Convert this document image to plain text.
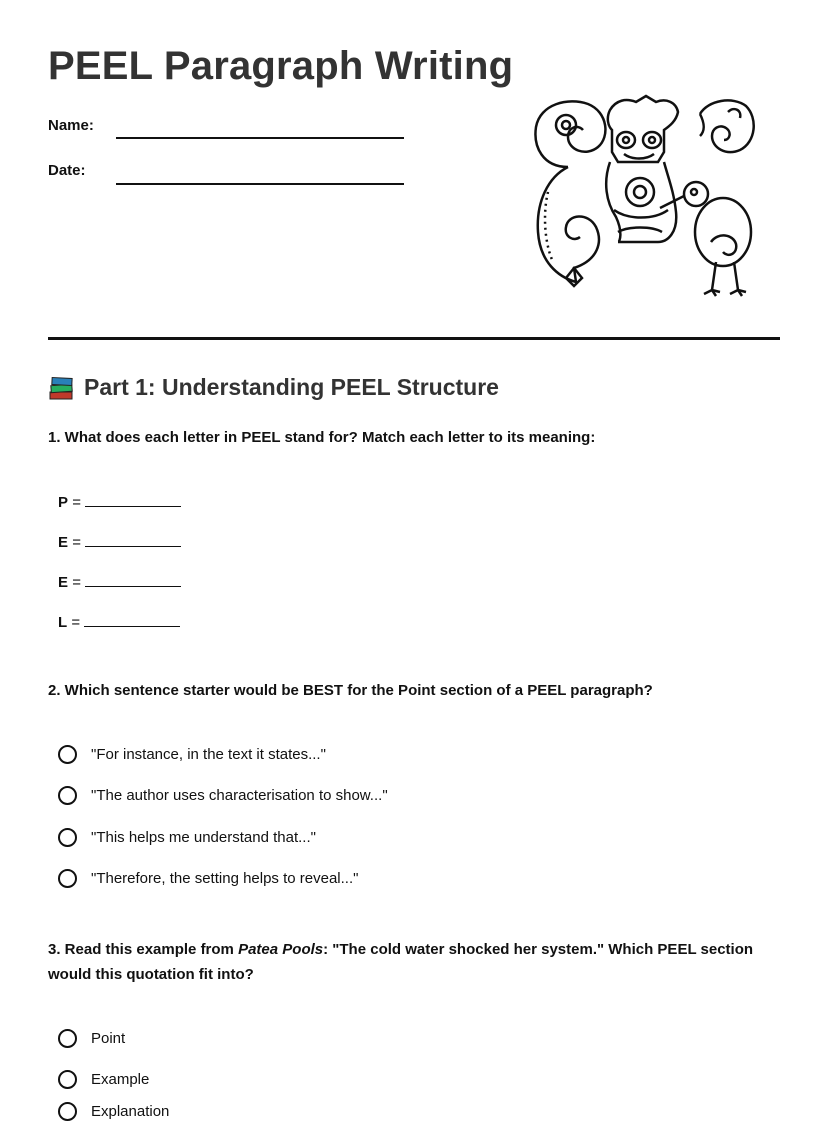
PEEL Paragraph Writing
Name:
Date:
Part 1: Understanding PEEL Structure

1. What does each letter in PEEL stand for? Match each letter to its meaning:

P =
E =
E =
L =

2. Which sentence starter would be BEST for the Point section of a PEEL paragraph?

"For instance, in the text it states..."
"The author uses characterisation to show..."
"This helps me understand that..."
"Therefore, the setting helps to reveal..."

3. Read this example from Patea Pools: "The cold water shocked her system." Which PEEL section would this quotation fit into?

Point
Example
Explanation
